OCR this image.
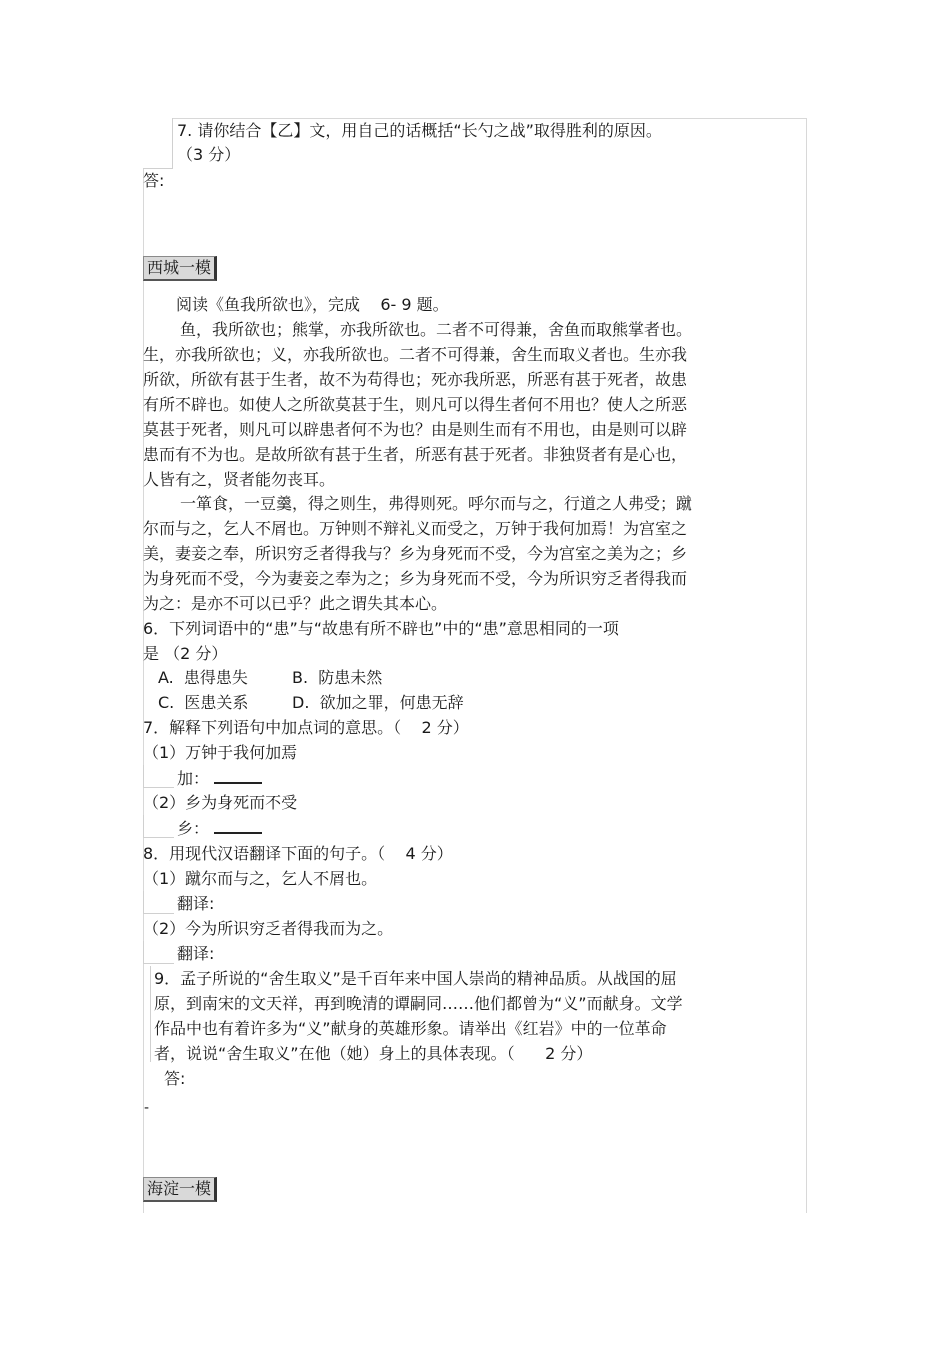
7. 请你结合【乙】文，用自己的话概括“长勺之战”取得胜利的原因。
（3 分）
答:
西城一模
阅读《鱼我所欲也》，完成    6- 9 题。
鱼，我所欲也；熊掌，亦我所欲也。二者不可得兼，舍鱼而取熊掌者也。
生，亦我所欲也；义，亦我所欲也。二者不可得兼，舍生而取义者也。生亦我
所欲，所欲有甚于生者，故不为苟得也；死亦我所恶，所恶有甚于死者，故患
有所不辟也。如使人之所欲莫甚于生，则凡可以得生者何不用也？使人之所恶
莫甚于死者，则凡可以辟患者何不为也？由是则生而有不用也，由是则可以辟
患而有不为也。是故所欲有甚于生者，所恶有甚于死者。非独贤者有是心也，
人皆有之，贤者能勿丧耳。
一箪食，一豆羹，得之则生，弗得则死。呼尔而与之，行道之人弗受；蹴
尔而与之，乞人不屑也。万钟则不辩礼义而受之，万钟于我何加焉！为宫室之
美，妻妾之奉，所识穷乏者得我与？乡为身死而不受，今为宫室之美为之；乡
为身死而不受，今为妻妾之奉为之；乡为身死而不受，今为所识穷乏者得我而
为之：是亦不可以已乎？此之谓失其本心。
6．下列词语中的“患”与“故患有所不辟也”中的“患”意思相同的一项
是 （2 分）
A.  患得患失	B.  防患未然
C.  医患关系	D.  欲加之罪，何患无辞
7．解释下列语句中加点词的意思。（    2 分）
（1）万钟于我何加焉
加：
（2）乡为身死而不受
乡：
8．用现代汉语翻译下面的句子。（    4 分）
（1）蹴尔而与之，乞人不屑也。
翻译:
（2）今为所识穷乏者得我而为之。
翻译:
9．孟子所说的“舍生取义”是千百年来中国人崇尚的精神品质。从战国的屈
原，到南宋的文天祥，再到晚清的谭嗣同……他们都曾为“义”而献身。文学
作品中也有着许多为“义”献身的英雄形象。请举出《红岩》中的一位革命
者，说说“舍生取义”在他（她）身上的具体表现。（      2 分）
答:
-
海淀一模
